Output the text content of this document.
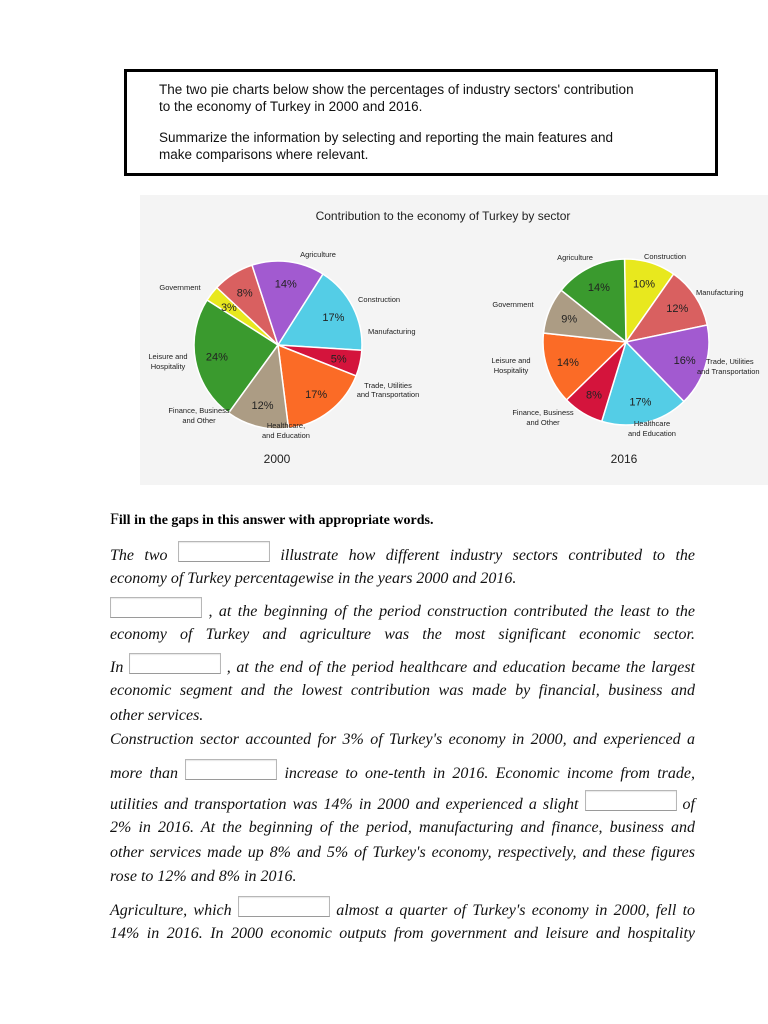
The two pie charts below show the percentages of industry sectors' contribution
to the economy of Turkey in 2000 and 2016.

Summarize the information by selecting and reporting the main features and
make comparisons where relevant.

Contribution to the economy of Turkey by sector
24%
3%
8%
14%
17%
5%
17%
12%
10%
12%
16%
17%
8%
14%
9%
14%
Agriculture
Construction
Manufacturing
Trade, Utilities
and Transportation
Healthcare,
and Education
Finance, Business
and Other
Leisure and
Hospitality
Government
Agriculture	Construction
Manufacturing
Trade, Utilities
and Transportation
Healthcare
and Education
Finance, Business
and Other
Leisure and
Hospitality
Government
2000	2016

Fill in the gaps in this answer with appropriate words.

The two	illustrate how different industry sectors contributed to the

economy of Turkey percentagewise in the years 2000 and 2016.

, at the beginning of the period construction contributed the least to the

economy of Turkey and agriculture was the most significant economic sector.

In	, at the end of the period healthcare and education became the largest

economic segment and the lowest contribution was made by financial, business and

other services.

Construction sector accounted for 3% of Turkey's economy in 2000, and experienced a

more than	increase to one-tenth in 2016. Economic income from trade,

utilities and transportation was 14% in 2000 and experienced a slight	of

2% in 2016. At the beginning of the period, manufacturing and finance, business and

other services made up 8% and 5% of Turkey's economy, respectively, and these figures

rose to 12% and 8% in 2016.

Agriculture, which	almost a quarter of Turkey's economy in 2000, fell to

14% in 2016. In 2000 economic outputs from government and leisure and hospitality
